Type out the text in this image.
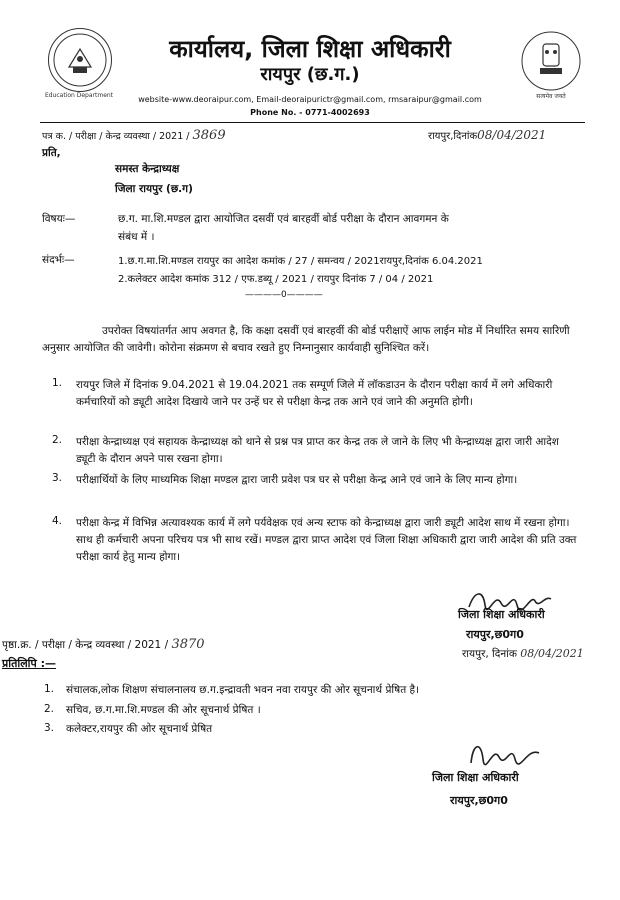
Education Department	सत्यमेव जयते
कार्यालय, जिला शिक्षा अधिकारी
रायपुर (छ.ग.)
website-www.deoraipur.com, Email-deoraipurictr@gmail.com, rmsaraipur@gmail.com
Phone No. - 0771-4002693
पत्र क. / परीक्षा / केन्द्र व्यवस्था / 2021 / 3869	रायपुर,दिनांक08/04/2021
प्रति,
समस्त केन्द्राध्यक्ष
जिला रायपुर (छ.ग)
विषयः—	छ.ग. मा.शि.मण्डल द्वारा आयोजित दसवीं एवं बारहवीं बोर्ड परीक्षा के दौरान आवगमन के
संबंध में ।
संदर्भः—	1.छ.ग.मा.शि.मण्डल रायपुर का आदेश कमांक / 27 / समन्वय / 2021रायपुर,दिनांक 6.04.2021
2.कलेक्टर आदेश कमांक 312 / एफ.डब्यू / 2021 / रायपुर दिनांक 7 / 04 / 2021
————0————
उपरोक्त विषयांतर्गत आप अवगत है, कि कक्षा दसवीं एवं बारहवीं की बोर्ड परीक्षाऐं आफ लाईन मोड में निर्धारित समय सारिणी अनुसार आयोजित की जावेगी। कोरोना संक्रमण से बचाव रखते हुए निम्नानुसार कार्यवाही सुनिश्चित करें।
1. रायपुर जिले में दिनांक 9.04.2021 से 19.04.2021 तक सम्पूर्ण जिले में लॉकडाउन के दौरान परीक्षा कार्य में लगे अधिकारी कर्मचारियों को ड्यूटी आदेश दिखाये जाने पर उन्हें घर से परीक्षा केन्द्र तक आने एवं जाने की अनुमति होगी।
2. परीक्षा केन्द्राध्यक्ष एवं सहायक केन्द्राध्यक्ष को थाने से प्रश्न पत्र प्राप्त कर केन्द्र तक ले जाने के लिए भी केन्द्राध्यक्ष द्वारा जारी आदेश ड्यूटी के दौरान अपने पास रखना होगा।
3. परीक्षार्थियों के लिए माध्यमिक शिक्षा मण्डल द्वारा जारी प्रवेश पत्र घर से परीक्षा केन्द्र आने एवं जाने के लिए मान्य होगा।
4. परीक्षा केन्द्र में विभिन्न अत्यावश्यक कार्य में लगे पर्यवेक्षक एवं अन्य स्टाफ को केन्द्राध्यक्ष द्वारा जारी ड्यूटी आदेश साथ में रखना होगा। साथ ही कर्मचारी अपना परिचय पत्र भी साथ रखें। मण्डल द्वारा प्राप्त आदेश एवं जिला शिक्षा अधिकारी द्वारा जारी आदेश की प्रति उक्त परीक्षा कार्य हेतु मान्य होगा।
जिला शिक्षा अधिकारी
रायपुर,छ0ग0
पृष्ठा.क्र. / परीक्षा / केन्द्र व्यवस्था / 2021 / 3870
रायपुर, दिनांक 08/04/2021
प्रतिलिपि :—
1. संचालक,लोक शिक्षण संचालनालय छ.ग.इन्द्रावती भवन नवा रायपुर की ओर सूचनार्थ प्रेषित है।
2. सचिव, छ.ग.मा.शि.मण्डल की ओर सूचनार्थ प्रेषित ।
3. कलेक्टर,रायपुर की ओर सूचनार्थ प्रेषित
जिला शिक्षा अधिकारी
रायपुर,छ0ग0
